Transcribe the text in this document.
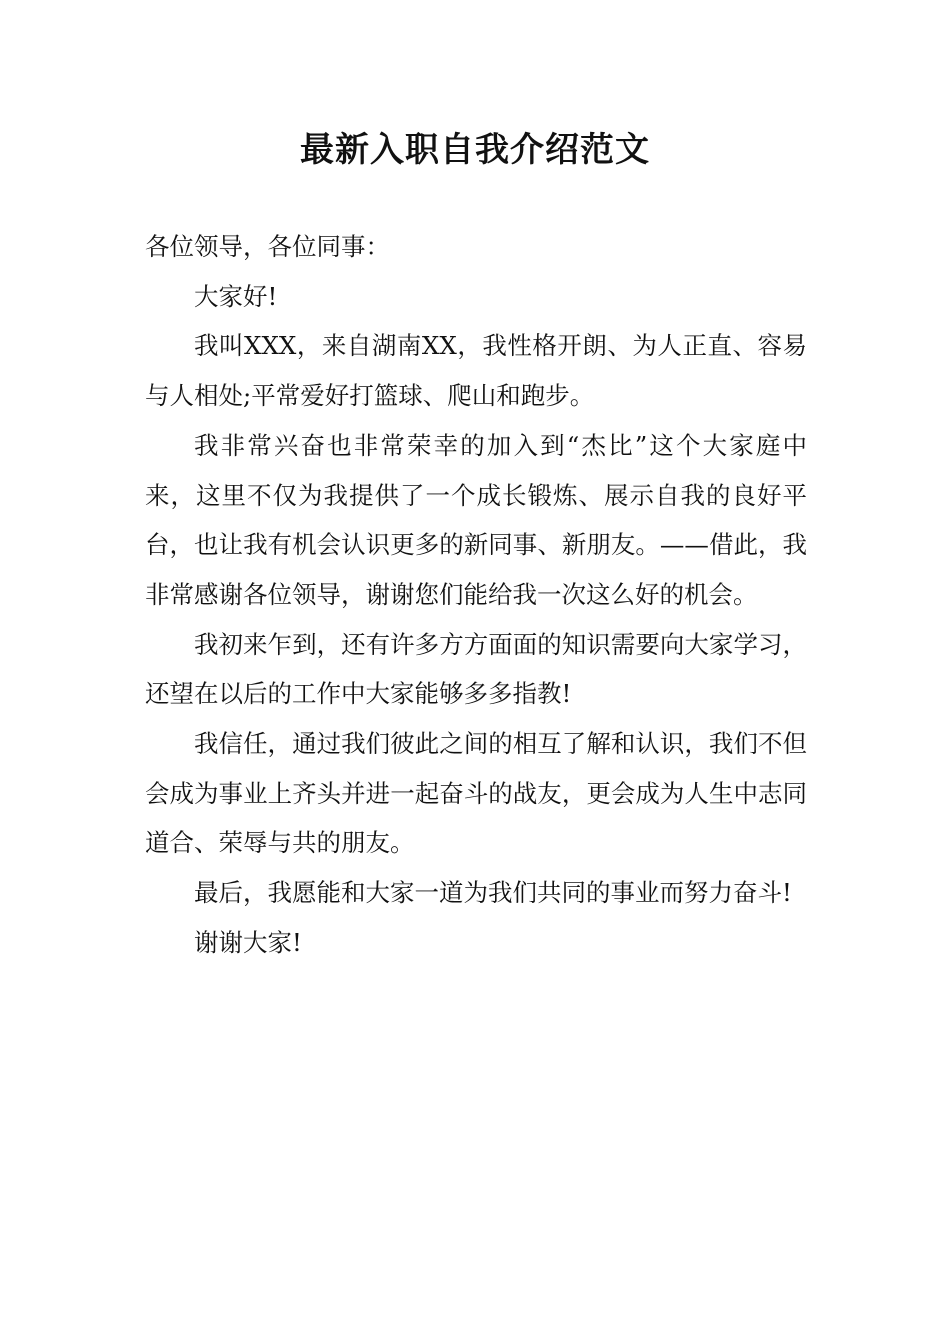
最新入职自我介绍范文

各位领导，各位同事：

大家好!

我叫XXX，来自湖南XX，我性格开朗、为人正直、容易与人相处;平常爱好打篮球、爬山和跑步。

我非常兴奋也非常荣幸的加入到“杰比”这个大家庭中来，这里不仅为我提供了一个成长锻炼、展示自我的良好平台，也让我有机会认识更多的新同事、新朋友。——借此，我非常感谢各位领导，谢谢您们能给我一次这么好的机会。

我初来乍到，还有许多方方面面的知识需要向大家学习，还望在以后的工作中大家能够多多指教!

我信任，通过我们彼此之间的相互了解和认识，我们不但会成为事业上齐头并进一起奋斗的战友，更会成为人生中志同道合、荣辱与共的朋友。

最后，我愿能和大家一道为我们共同的事业而努力奋斗!

谢谢大家!
